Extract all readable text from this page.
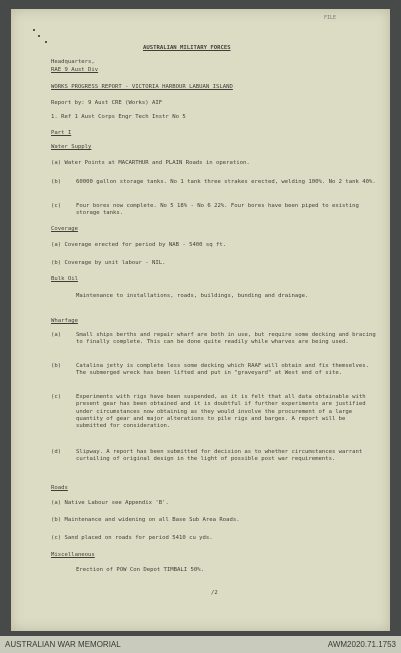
FILE
AUSTRALIAN MILITARY FORCES
Headquarters,
RAE 9 Aust Div
WORKS PROGRESS REPORT - VICTORIA HARBOUR LABUAN ISLAND
Report by: 9 Aust CRE (Works) AIF
1. Ref 1 Aust Corps Engr Tech Instr No 5
Part I
Water Supply
(a) Water Points at MACARTHUR and PLAIN Roads in operation.
(b)	60000 gallon storage tanks. No 1 tank three strakes erected, welding 100%. No 2 tank 40%.
(c)	Four bores now complete. No 5 18% - No 6 22%. Four bores have been piped to existing storage tanks.
Coverage
(a) Coverage erected for period by NAB - 5400 sq ft.
(b) Coverage by unit labour - NIL.
Bulk Oil
Maintenance to installations, roads, buildings, bunding and drainage.
Wharfage
(a)	Small ships berths and repair wharf are both in use, but require some decking and bracing to finally complete. This can be done quite readily while wharves are being used.
(b)	Catalina jetty is complete less some decking which RAAF will obtain and fix themselves. The submerged wreck has been lifted and put in "graveyard" at West end of site.
(c)	Experiments with rigs have been suspended, as it is felt that all data obtainable with present gear has been obtained and it is doubtful if further experiments are justified under circumstances now obtaining as they would involve the procurement of a large quantity of gear and major alterations to pile rigs and barges. A report will be submitted for consideration.
(d)	Slipway. A report has been submitted for decision as to whether circumstances warrant curtailing of original design in the light of possible post war requirements.
Roads
(a) Native Labour see Appendix 'B'.
(b) Maintenance and widening on all Base Sub Area Roads.
(c) Sand placed on roads for period 5410 cu yds.
Miscellaneous
Erection of POW Con Depot TIMBALI 50%.
/2
AUSTRALIAN WAR MEMORIAL	AWM2020.71.1753
